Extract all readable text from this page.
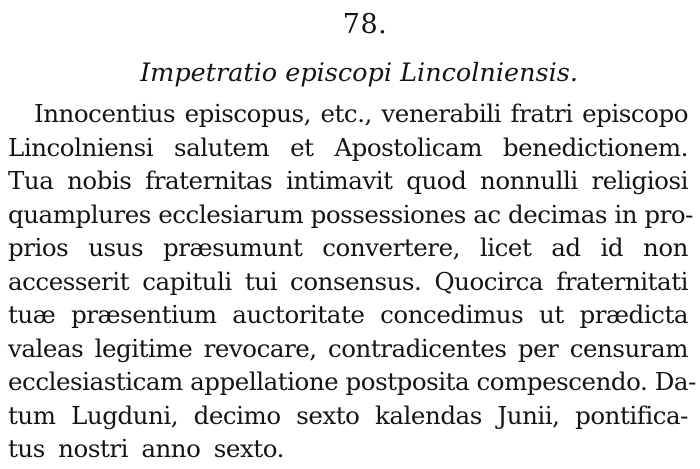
78.
Impetratio episcopi Lincolniensis.
Innocentius episcopus, etc., venerabili fratri episcopo
Lincolniensi salutem et Apostolicam benedictionem.
Tua nobis fraternitas intimavit quod nonnulli religiosi
quamplures ecclesiarum possessiones ac decimas in pro-
prios usus præsumunt convertere, licet ad id non
accesserit capituli tui consensus. Quocirca fraternitati
tuæ præsentium auctoritate concedimus ut prædicta
valeas legitime revocare, contradicentes per censuram
ecclesiasticam appellatione postposita compescendo. Da-
tum Lugduni, decimo sexto kalendas Junii, pontifica-
tus nostri anno sexto.
